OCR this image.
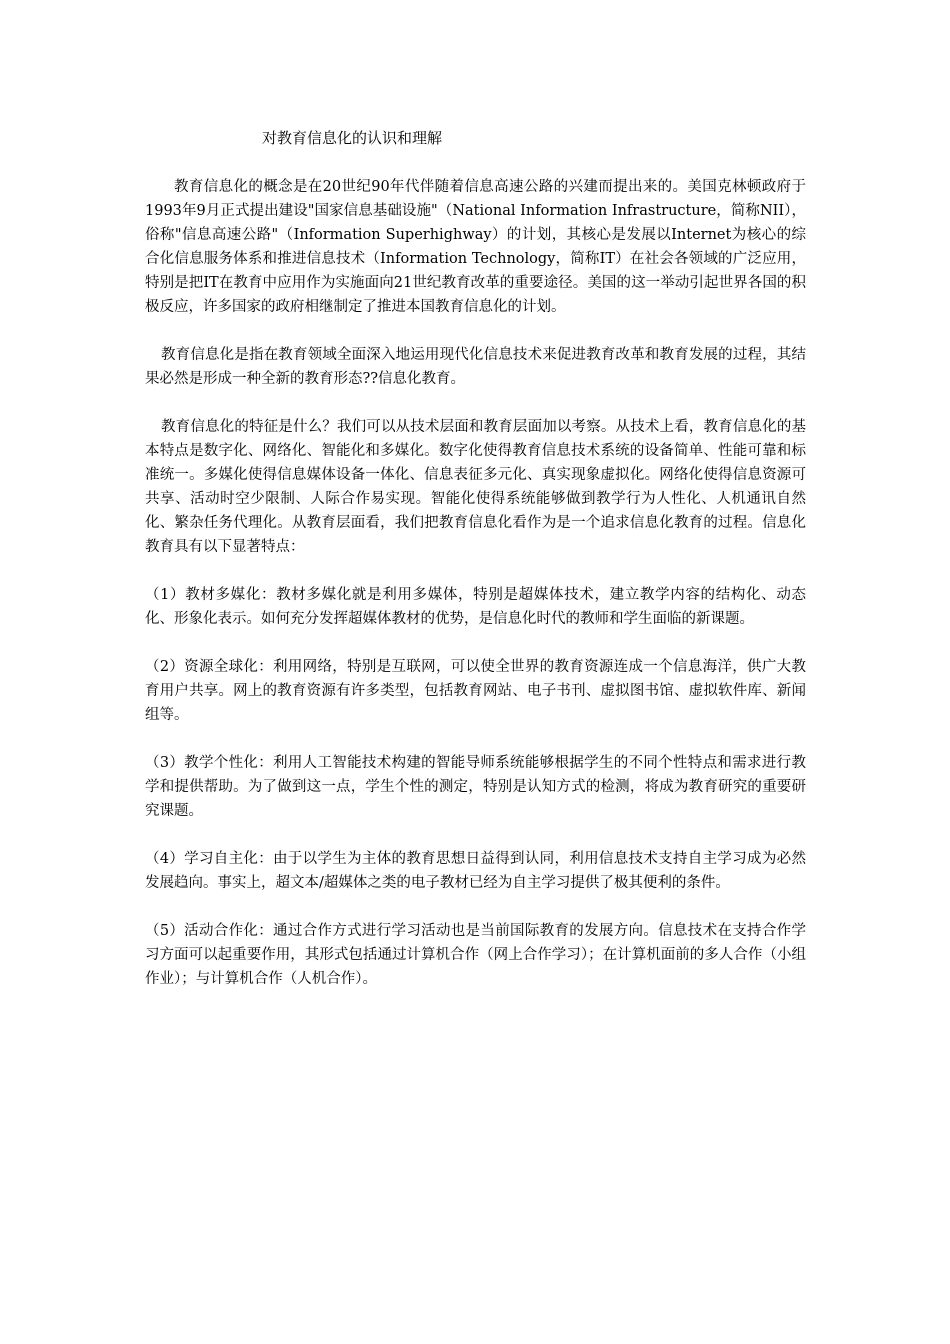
对教育信息化的认识和理解

教育信息化的概念是在20世纪90年代伴随着信息高速公路的兴建而提出来的。美国克林顿政府于1993年9月正式提出建设"国家信息基础设施"（National Information Infrastructure，简称NII），俗称"信息高速公路"（Information Superhighway）的计划，其核心是发展以Internet为核心的综合化信息服务体系和推进信息技术（Information Technology，简称IT）在社会各领域的广泛应用，特别是把IT在教育中应用作为实施面向21世纪教育改革的重要途径。美国的这一举动引起世界各国的积极反应，许多国家的政府相继制定了推进本国教育信息化的计划。

教育信息化是指在教育领域全面深入地运用现代化信息技术来促进教育改革和教育发展的过程，其结果必然是形成一种全新的教育形态??信息化教育。

教育信息化的特征是什么？我们可以从技术层面和教育层面加以考察。从技术上看，教育信息化的基本特点是数字化、网络化、智能化和多媒化。数字化使得教育信息技术系统的设备简单、性能可靠和标准统一。多媒化使得信息媒体设备一体化、信息表征多元化、真实现象虚拟化。网络化使得信息资源可共享、活动时空少限制、人际合作易实现。智能化使得系统能够做到教学行为人性化、人机通讯自然化、繁杂任务代理化。从教育层面看，我们把教育信息化看作为是一个追求信息化教育的过程。信息化教育具有以下显著特点：

（1）教材多媒化：教材多媒化就是利用多媒体，特别是超媒体技术，建立教学内容的结构化、动态化、形象化表示。如何充分发挥超媒体教材的优势，是信息化时代的教师和学生面临的新课题。

（2）资源全球化：利用网络，特别是互联网，可以使全世界的教育资源连成一个信息海洋，供广大教育用户共享。网上的教育资源有许多类型，包括教育网站、电子书刊、虚拟图书馆、虚拟软件库、新闻组等。

（3）教学个性化：利用人工智能技术构建的智能导师系统能够根据学生的不同个性特点和需求进行教学和提供帮助。为了做到这一点，学生个性的测定，特别是认知方式的检测，将成为教育研究的重要研究课题。

（4）学习自主化：由于以学生为主体的教育思想日益得到认同，利用信息技术支持自主学习成为必然发展趋向。事实上，超文本/超媒体之类的电子教材已经为自主学习提供了极其便利的条件。

（5）活动合作化：通过合作方式进行学习活动也是当前国际教育的发展方向。信息技术在支持合作学习方面可以起重要作用，其形式包括通过计算机合作（网上合作学习）；在计算机面前的多人合作（小组作业）；与计算机合作（人机合作）。
